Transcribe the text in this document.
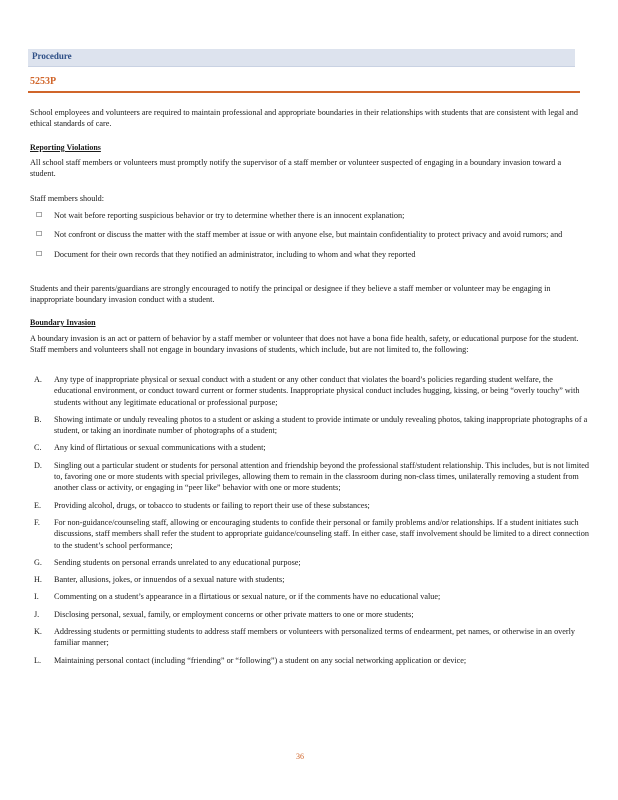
Procedure
5253P
School employees and volunteers are required to maintain professional and appropriate boundaries in their relationships with students that are consistent with legal and ethical standards of care.
Reporting Violations
All school staff members or volunteers must promptly notify the supervisor of a staff member or volunteer suspected of engaging in a boundary invasion toward a student.
Staff members should:
☐ Not wait before reporting suspicious behavior or try to determine whether there is an innocent explanation;
☐ Not confront or discuss the matter with the staff member at issue or with anyone else, but maintain confidentiality to protect privacy and avoid rumors; and
☐ Document for their own records that they notified an administrator, including to whom and what they reported
Students and their parents/guardians are strongly encouraged to notify the principal or designee if they believe a staff member or volunteer may be engaging in inappropriate boundary invasion conduct with a student.
Boundary Invasion
A boundary invasion is an act or pattern of behavior by a staff member or volunteer that does not have a bona fide health, safety, or educational purpose for the student. Staff members and volunteers shall not engage in boundary invasions of students, which include, but are not limited to, the following:
A. Any type of inappropriate physical or sexual conduct with a student or any other conduct that violates the board’s policies regarding student welfare, the educational environment, or conduct toward current or former students. Inappropriate physical conduct includes hugging, kissing, or being “overly touchy” with students without any legitimate educational or professional purpose;
B. Showing intimate or unduly revealing photos to a student or asking a student to provide intimate or unduly revealing photos, taking inappropriate photographs of a student, or taking an inordinate number of photographs of a student;
C. Any kind of flirtatious or sexual communications with a student;
D. Singling out a particular student or students for personal attention and friendship beyond the professional staff/student relationship. This includes, but is not limited to, favoring one or more students with special privileges, allowing them to remain in the classroom during non-class times, unilaterally removing a student from another class or activity, or engaging in “peer like” behavior with one or more students;
E. Providing alcohol, drugs, or tobacco to students or failing to report their use of these substances;
F. For non-guidance/counseling staff, allowing or encouraging students to confide their personal or family problems and/or relationships. If a student initiates such discussions, staff members shall refer the student to appropriate guidance/counseling staff. In either case, staff involvement should be limited to a direct connection to the student’s school performance;
G. Sending students on personal errands unrelated to any educational purpose;
H. Banter, allusions, jokes, or innuendos of a sexual nature with students;
I. Commenting on a student’s appearance in a flirtatious or sexual nature, or if the comments have no educational value;
J. Disclosing personal, sexual, family, or employment concerns or other private matters to one or more students;
K. Addressing students or permitting students to address staff members or volunteers with personalized terms of endearment, pet names, or otherwise in an overly familiar manner;
L. Maintaining personal contact (including “friending” or “following”) a student on any social networking application or device;
36
